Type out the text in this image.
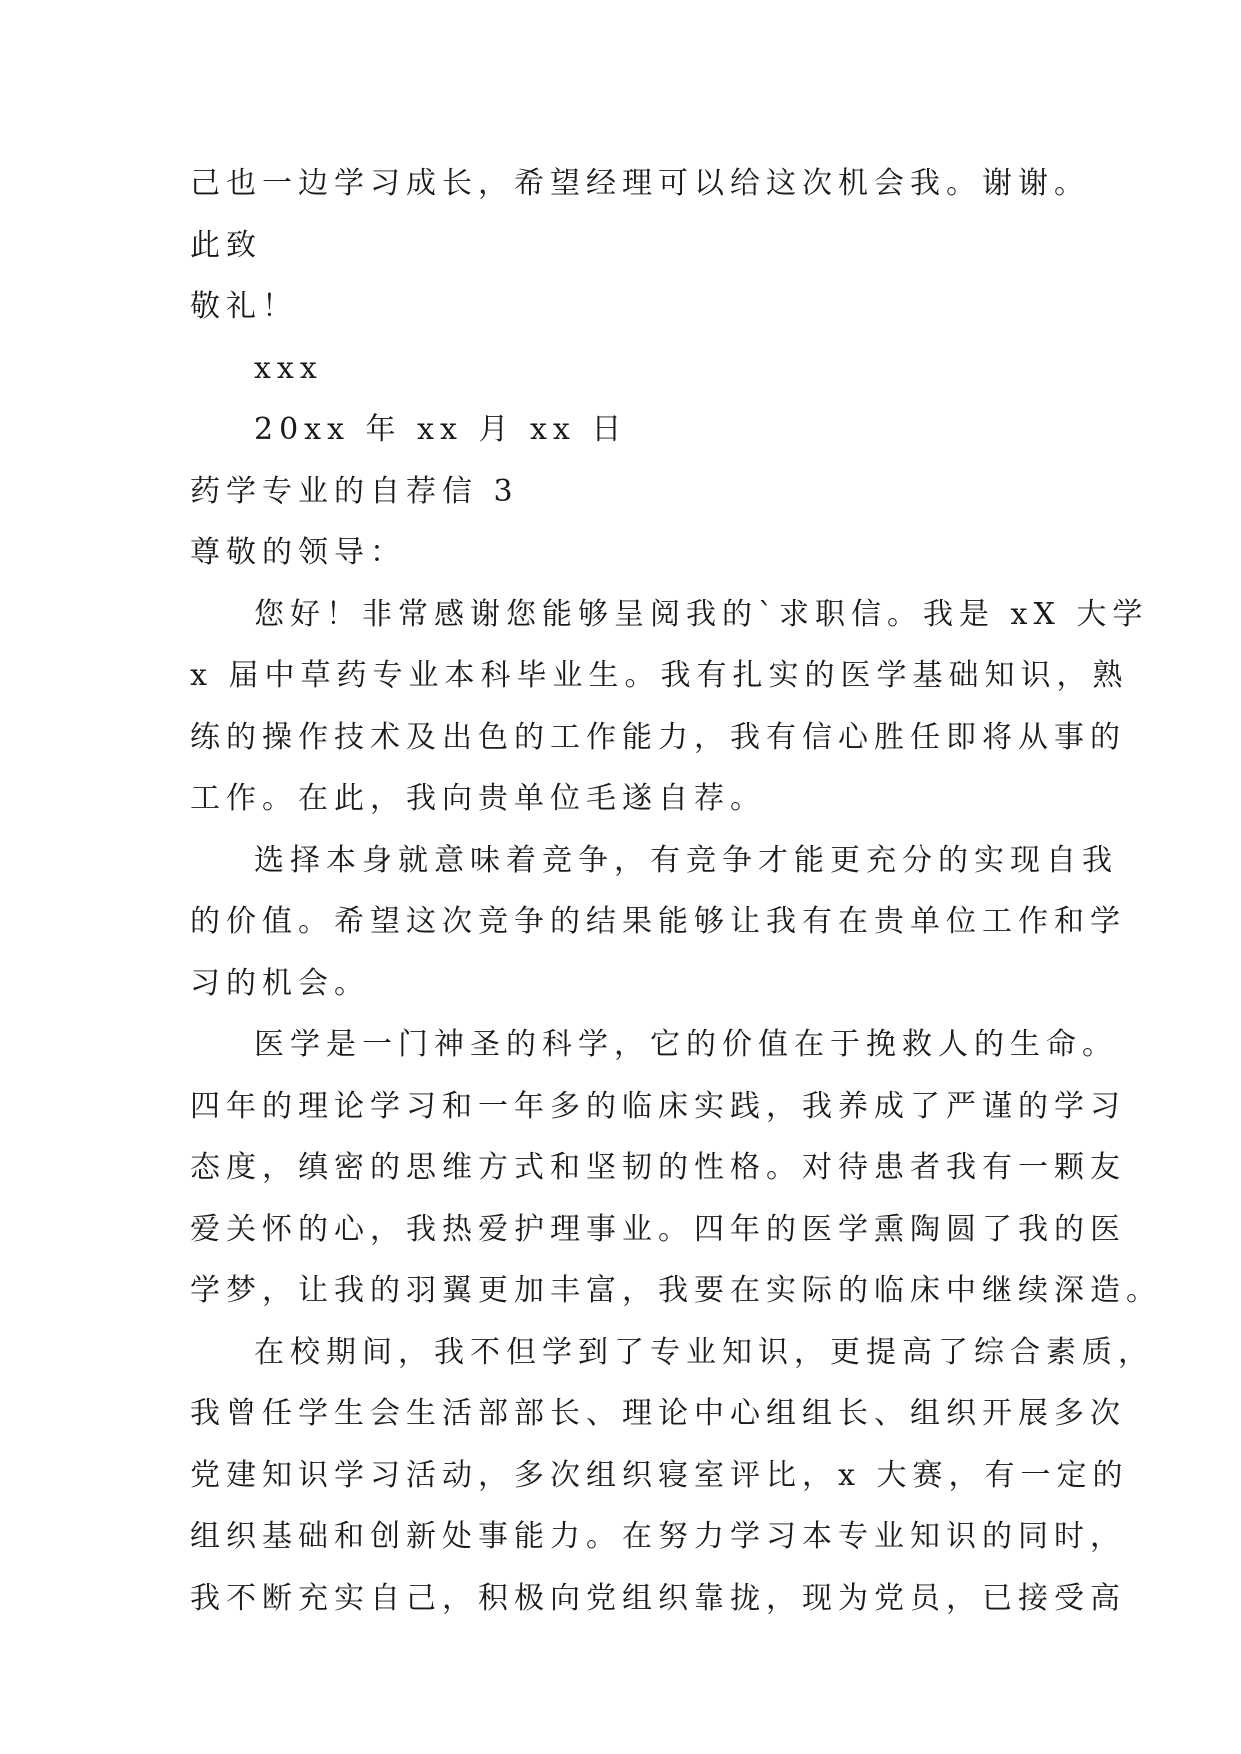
己也一边学习成长，希望经理可以给这次机会我。谢谢。
此致
敬礼！
xxx
20xx 年 xx 月 xx 日
药学专业的自荐信 3
尊敬的领导：
您好！非常感谢您能够呈阅我的`求职信。我是 xX 大学
x 届中草药专业本科毕业生。我有扎实的医学基础知识，熟
练的操作技术及出色的工作能力，我有信心胜任即将从事的
工作。在此，我向贵单位毛遂自荐。
选择本身就意味着竞争，有竞争才能更充分的实现自我
的价值。希望这次竞争的结果能够让我有在贵单位工作和学
习的机会。
医学是一门神圣的科学，它的价值在于挽救人的生命。
四年的理论学习和一年多的临床实践，我养成了严谨的学习
态度，缜密的思维方式和坚韧的性格。对待患者我有一颗友
爱关怀的心，我热爱护理事业。四年的医学熏陶圆了我的医
学梦，让我的羽翼更加丰富，我要在实际的临床中继续深造。
在校期间，我不但学到了专业知识，更提高了综合素质，
我曾任学生会生活部部长、理论中心组组长、组织开展多次
党建知识学习活动，多次组织寝室评比，x 大赛，有一定的
组织基础和创新处事能力。在努力学习本专业知识的同时，
我不断充实自己，积极向党组织靠拢，现为党员，已接受高
